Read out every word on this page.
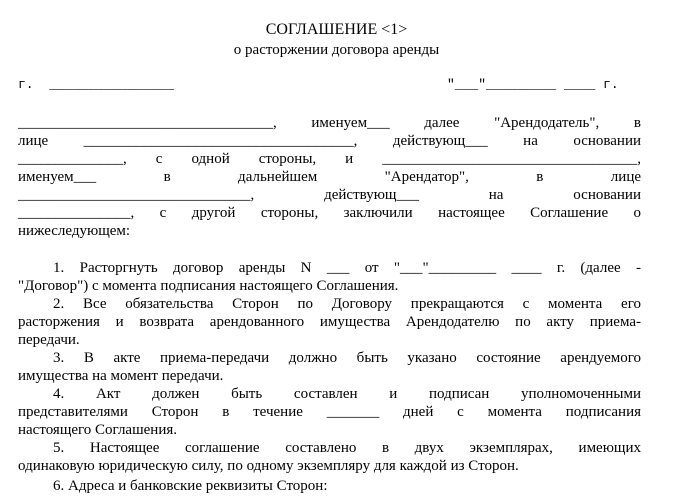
СОГЛАШЕНИЕ <1>
о расторжении договора аренды
г.  ________________	"___"_________ ____ г.
__________________________________, именуем___ далее "Арендодатель", в
лице ____________________________________, действующ___ на основании
______________, с одной стороны, и __________________________________,
именуем___ в дальнейшем "Арендатор", в лице
_______________________________, действующ___ на основании
_______________, с другой стороны, заключили настоящее Соглашение о
нижеследующем:
1. Расторгнуть договор аренды N ___ от "___"_________ ____ г. (далее -
"Договор") с момента подписания настоящего Соглашения.
2. Все обязательства Сторон по Договору прекращаются с момента его
расторжения и возврата арендованного имущества Арендодателю по акту приема-
передачи.
3. В акте приема-передачи должно быть указано состояние арендуемого
имущества на момент передачи.
4. Акт должен быть составлен и подписан уполномоченными
представителями Сторон в течение _______ дней с момента подписания
настоящего Соглашения.
5. Настоящее соглашение составлено в двух экземплярах, имеющих
одинаковую юридическую силу, по одному экземпляру для каждой из Сторон.
6. Адреса и банковские реквизиты Сторон:
